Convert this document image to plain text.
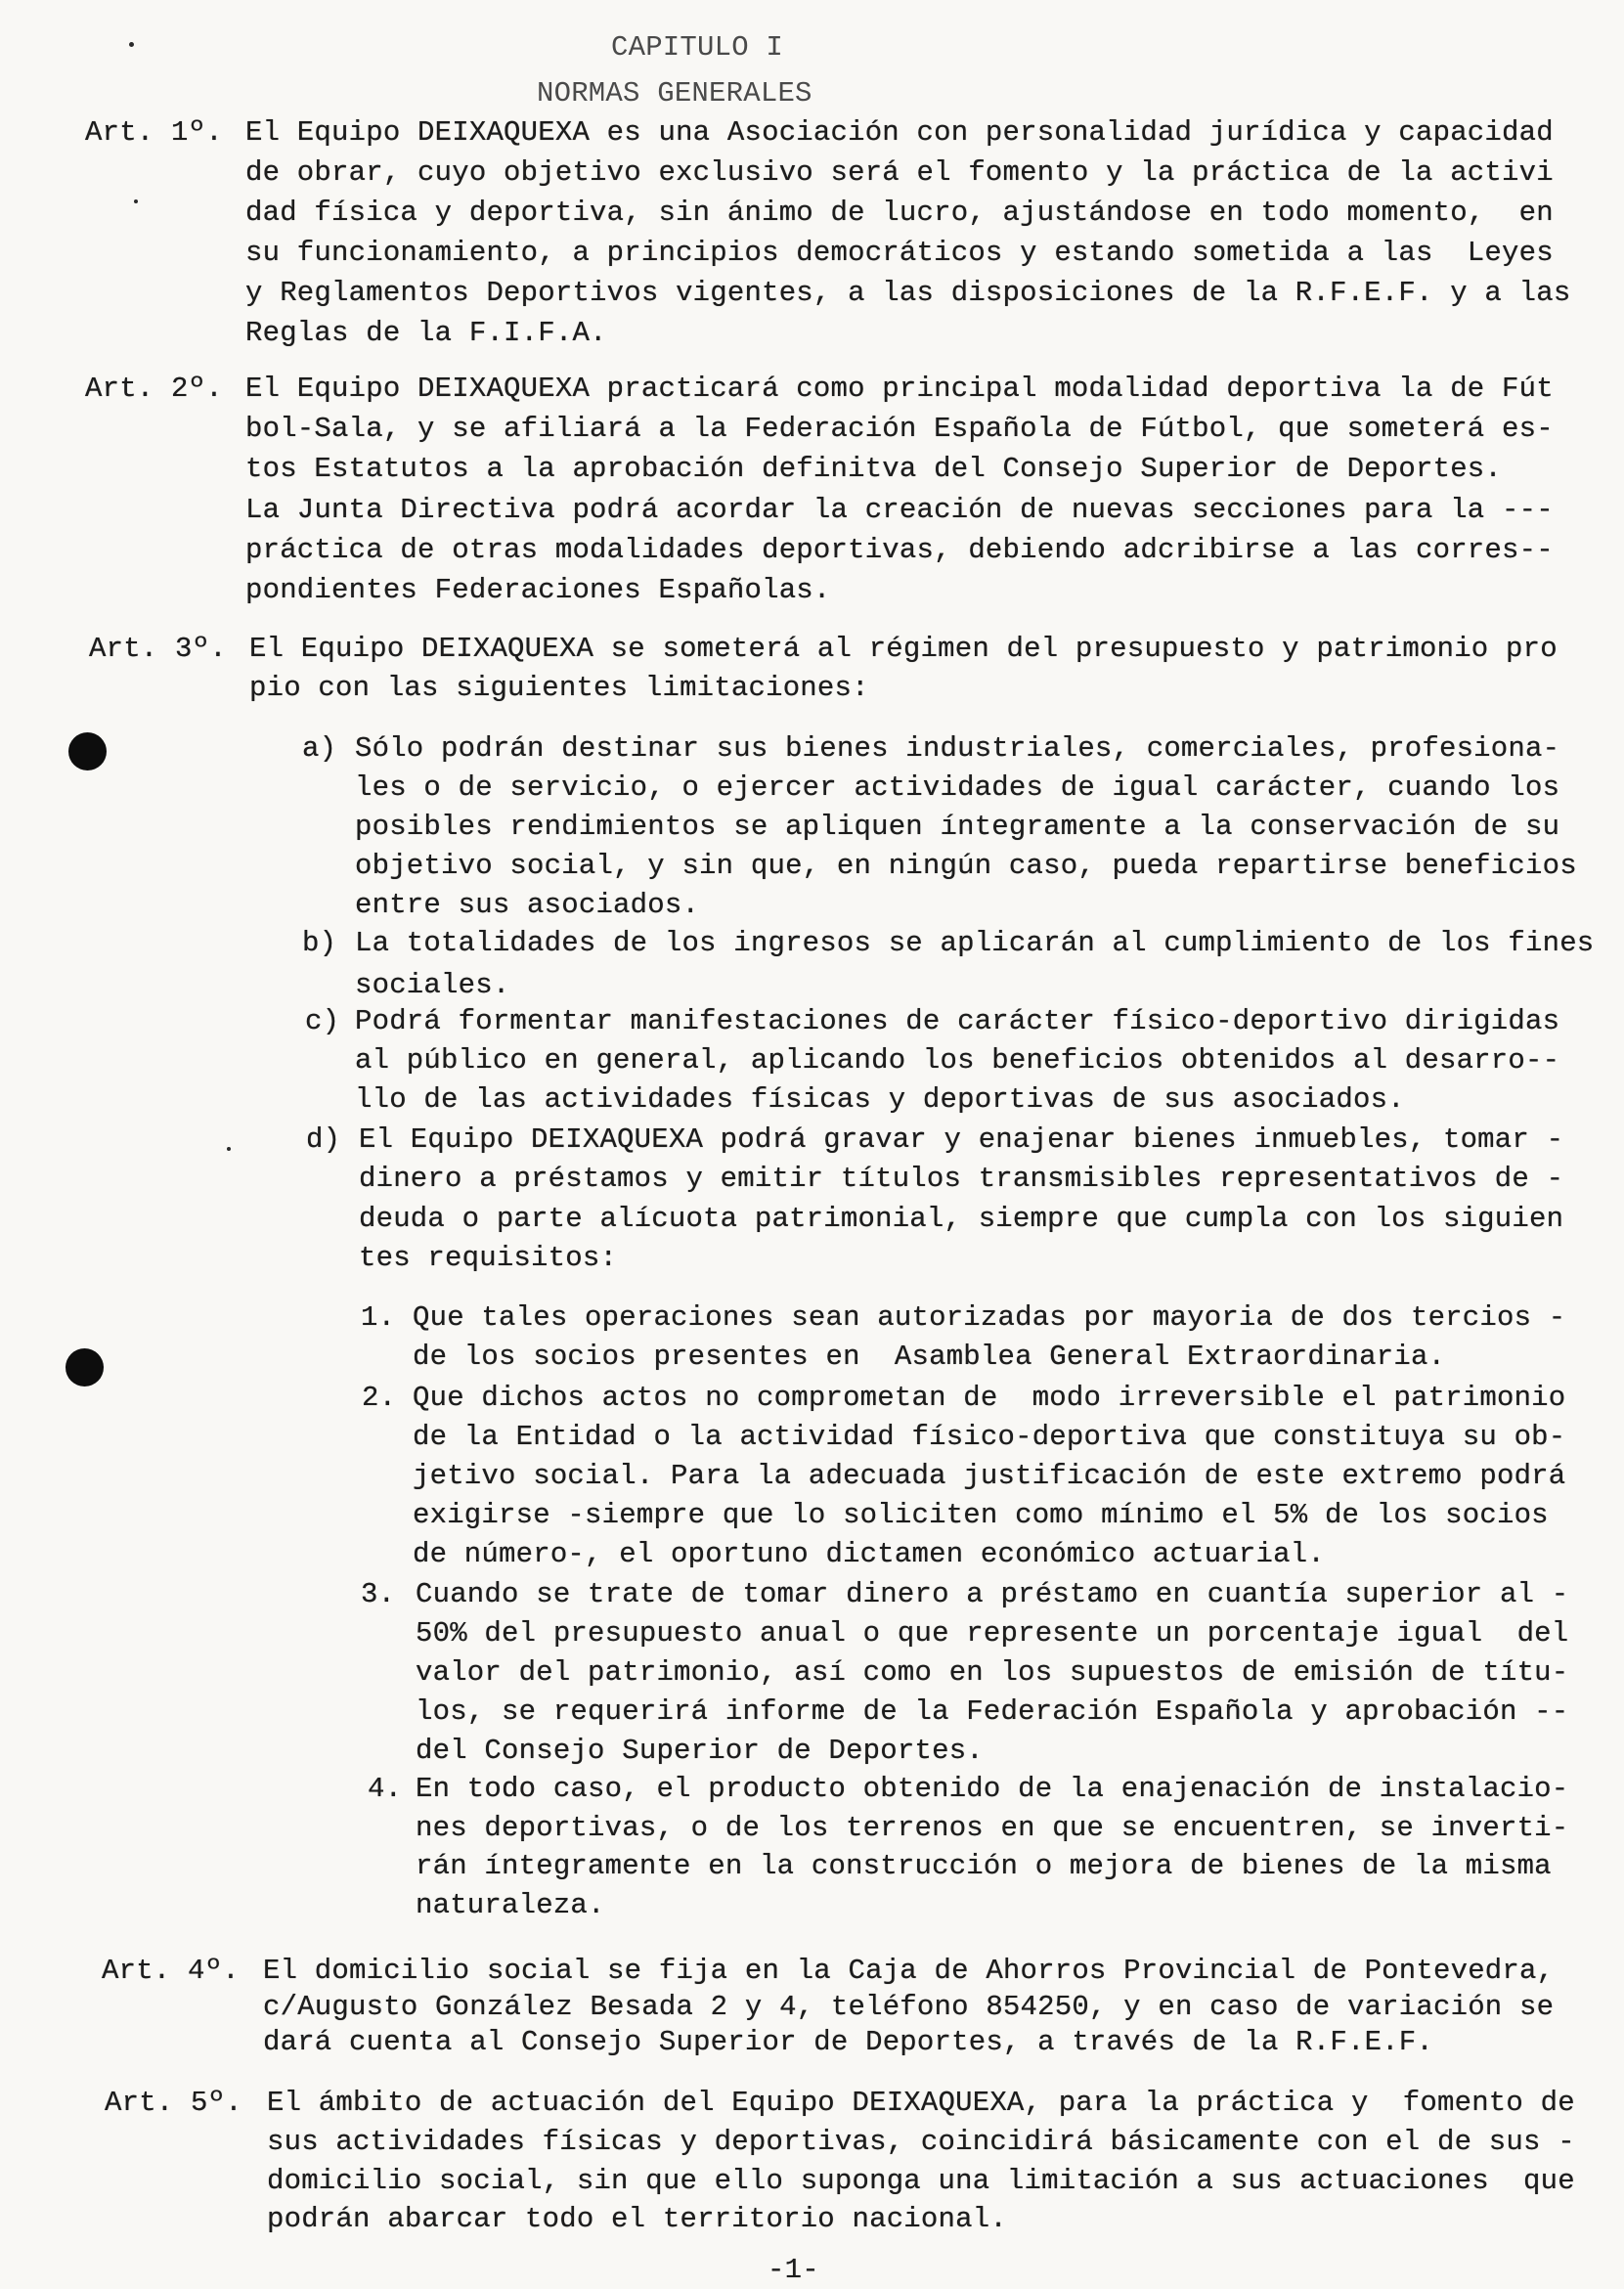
CAPITULO I
NORMAS GENERALES
Art. 1º. El Equipo DEIXAQUEXA es una Asociación con personalidad jurídica y capacidad
de obrar, cuyo objetivo exclusivo será el fomento y la práctica de la activi
dad física y deportiva, sin ánimo de lucro, ajustándose en todo momento,  en
su funcionamiento, a principios democráticos y estando sometida a las  Leyes
y Reglamentos Deportivos vigentes, a las disposiciones de la R.F.E.F. y a las
Reglas de la F.I.F.A.
Art. 2º. El Equipo DEIXAQUEXA practicará como principal modalidad deportiva la de Fút
bol-Sala, y se afiliará a la Federación Española de Fútbol, que someterá es-
tos Estatutos a la aprobación definitva del Consejo Superior de Deportes.
La Junta Directiva podrá acordar la creación de nuevas secciones para la ---
práctica de otras modalidades deportivas, debiendo adcribirse a las corres--
pondientes Federaciones Españolas.
Art. 3º. El Equipo DEIXAQUEXA se someterá al régimen del presupuesto y patrimonio pro
pio con las siguientes limitaciones:
a) Sólo podrán destinar sus bienes industriales, comerciales, profesiona-
les o de servicio, o ejercer actividades de igual carácter, cuando los
posibles rendimientos se apliquen íntegramente a la conservación de su
objetivo social, y sin que, en ningún caso, pueda repartirse beneficios
entre sus asociados.
b) La totalidades de los ingresos se aplicarán al cumplimiento de los fines
sociales.
c) Podrá formentar manifestaciones de carácter físico-deportivo dirigidas
al público en general, aplicando los beneficios obtenidos al desarro--
llo de las actividades físicas y deportivas de sus asociados.
d) El Equipo DEIXAQUEXA podrá gravar y enajenar bienes inmuebles, tomar -
dinero a préstamos y emitir títulos transmisibles representativos de -
deuda o parte alícuota patrimonial, siempre que cumpla con los siguien
tes requisitos:
1. Que tales operaciones sean autorizadas por mayoria de dos tercios -
de los socios presentes en  Asamblea General Extraordinaria.
2. Que dichos actos no comprometan de  modo irreversible el patrimonio
de la Entidad o la actividad físico-deportiva que constituya su ob-
jetivo social. Para la adecuada justificación de este extremo podrá
exigirse -siempre que lo soliciten como mínimo el 5% de los socios
de número-, el oportuno dictamen económico actuarial.
3. Cuando se trate de tomar dinero a préstamo en cuantía superior al -
50% del presupuesto anual o que represente un porcentaje igual  del
valor del patrimonio, así como en los supuestos de emisión de títu-
los, se requerirá informe de la Federación Española y aprobación --
del Consejo Superior de Deportes.
4. En todo caso, el producto obtenido de la enajenación de instalacio-
nes deportivas, o de los terrenos en que se encuentren, se inverti-
rán íntegramente en la construcción o mejora de bienes de la misma
naturaleza.
Art. 4º. El domicilio social se fija en la Caja de Ahorros Provincial de Pontevedra,
c/Augusto González Besada 2 y 4, teléfono 854250, y en caso de variación se
dará cuenta al Consejo Superior de Deportes, a través de la R.F.E.F.
Art. 5º. El ámbito de actuación del Equipo DEIXAQUEXA, para la práctica y  fomento de
sus actividades físicas y deportivas, coincidirá básicamente con el de sus -
domicilio social, sin que ello suponga una limitación a sus actuaciones  que
podrán abarcar todo el territorio nacional.
-1-
